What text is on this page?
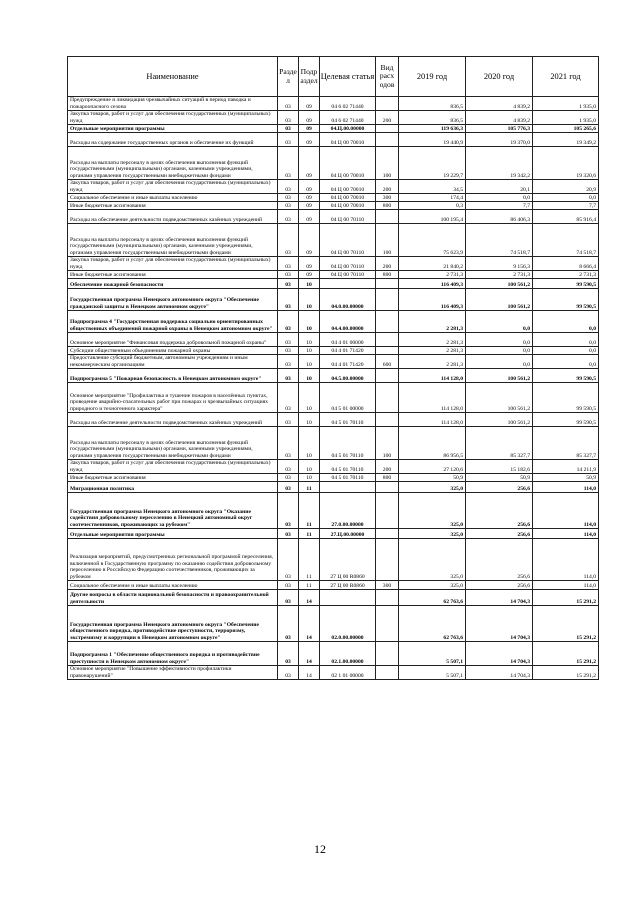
Наименование	Разде л	Подр аздел	Целевая статья	Вид расх одов	2019 год	2020 год	2021 год
Предупреждение и ликвидация чрезвычайных ситуаций в период паводка и пожароопасного сезона	03	09	04 6 02 71440		836,5	4 839,2	1 935,0
Закупка товаров, работ и услуг для обеспечения государственных (муниципальных) нужд	03	09	04 6 02 71440	200	836,5	4 839,2	1 935,0
Отдельные мероприятия программы	03	09	04.Ц.00.00000		119 636,3	105 776,3	105 265,6
Расходы на содержание государственных органов и обеспечение их функций	03	09	04 Ц 00 70010		19 440,9	19 370,0	19 349,2
Расходы на выплаты персоналу в целях обеспечения выполнения функций государственными (муниципальными) органами, казенными учреждениями, органами управления государственными внебюджетными фондами	03	09	04 Ц 00 70010	100	19 229,7	19 342,2	19 320,6
Закупка товаров, работ и услуг для обеспечения государственных (муниципальных) нужд	03	09	04 Ц 00 70010	200	34,5	20,1	20,9
Социальное обеспечение и иные выплаты населению	03	09	04 Ц 00 70010	300	174,4	0,0	0,0
Иные бюджетные ассигнования	03	09	04 Ц 00 70010	800	0,3	7,7	7,7
Расходы на обеспечение деятельности подведомственных казённых учреждений	03	09	04 Ц 00 70110		100 195,4	86 406,3	85 916,4
Расходы на выплаты персоналу в целях обеспечения выполнения функций государственными (муниципальными) органами, казенными учреждениями, органами управления государственными внебюджетными фондами	03	09	04 Ц 00 70110	100	75 623,9	74 518,7	74 518,7
Закупка товаров, работ и услуг для обеспечения государственных (муниципальных) нужд	03	09	04 Ц 00 70110	200	21 840,2	9 156,3	8 666,4
Иные бюджетные ассигнования	03	09	04 Ц 00 70110	800	2 731,3	2 731,3	2 731,3
Обеспечение пожарной безопасности	03	10			116 409,3	100 561,2	99 590,5
Государственная программа Ненецкого автономного округа "Обеспечение гражданской защиты в Ненецком автономном округе"	03	10	04.0.00.00000		116 409,3	100 561,2	99 590,5
Подпрограмма 4 "Государственная поддержка социально ориентированных общественных объединений пожарной охраны в Ненецком автономном округе"	03	10	04.4.00.00000		2 281,3	0,0	0,0
Основное мероприятие "Финансовая поддержка добровольной пожарной охраны"	03	10	04 4 01 00000		2 281,3	0,0	0,0
Субсидии общественным объединениям пожарной охраны	03	10	04 4 01 71420		2 281,3	0,0	0,0
Предоставление субсидий бюджетным, автономным учреждениям и иным некоммерческим организациям	03	10	04 4 01 71420	600	2 281,3	0,0	0,0
Подпрограмма 5 "Пожарная безопасность в Ненецком автономном округе"	03	10	04.5.00.00000		114 128,0	100 561,2	99 590,5
Основное мероприятие "Профилактика и тушение пожаров в населённых пунктах, проведение аварийно-спасательных работ при пожарах и чрезвычайных ситуациях природного и техногенного характера"	03	10	04 5 01 00000		114 128,0	100 561,2	99 590,5
Расходы на обеспечение деятельности подведомственных казённых учреждений	03	10	04 5 01 70110		114 128,0	100 561,2	99 590,5
Расходы на выплаты персоналу в целях обеспечения выполнения функций государственными (муниципальными) органами, казенными учреждениями, органами управления государственными внебюджетными фондами	03	10	04 5 01 70110	100	86 956,5	85 327,7	85 327,7
Закупка товаров, работ и услуг для обеспечения государственных (муниципальных) нужд	03	10	04 5 01 70110	200	27 120,6	15 182,6	14 211,9
Иные бюджетные ассигнования	03	10	04 5 01 70110	800	50,9	50,9	50,9
Миграционная политика	03	11			325,0	256,6	114,0
Государственная программа Ненецкого автономного округа "Оказание содействия добровольному переселению в Ненецкий автономный округ соотечественников, проживающих за рубежом"	03	11	27.0.00.00000		325,0	256,6	114,0
Отдельные мероприятия программы	03	11	27.Ц.00.00000		325,0	256,6	114,0
Реализация мероприятий, предусмотренных региональной программой переселения, включенной в Государственную программу по оказанию содействия добровольному переселению в Российскую Федерацию соотечественников, проживающих за рубежом	03	11	27 Ц 00 R0860		325,0	256,6	114,0
Социальное обеспечение и иные выплаты населению	03	11	27 Ц 00 R0860	300	325,0	256,6	114,0
Другие вопросы в области национальной безопасности и правоохранительной деятельности	03	14			62 763,6	14 704,3	15 291,2
Государственная программа Ненецкого автономного округа "Обеспечение общественного порядка, противодействие преступности, терроризму, экстремизму и коррупции в Ненецком автономном округе"	03	14	02.0.00.00000		62 763,6	14 704,3	15 291,2
Подпрограмма 1 "Обеспечение общественного порядка и противодействие преступности в Ненецком автономном округе"	03	14	02.1.00.00000		5 507,1	14 704,3	15 291,2
Основное мероприятие "Повышение эффективности профилактики правонарушений"	03	14	02 1 01 00000		5 507,1	14 704,3	15 291,2
12
